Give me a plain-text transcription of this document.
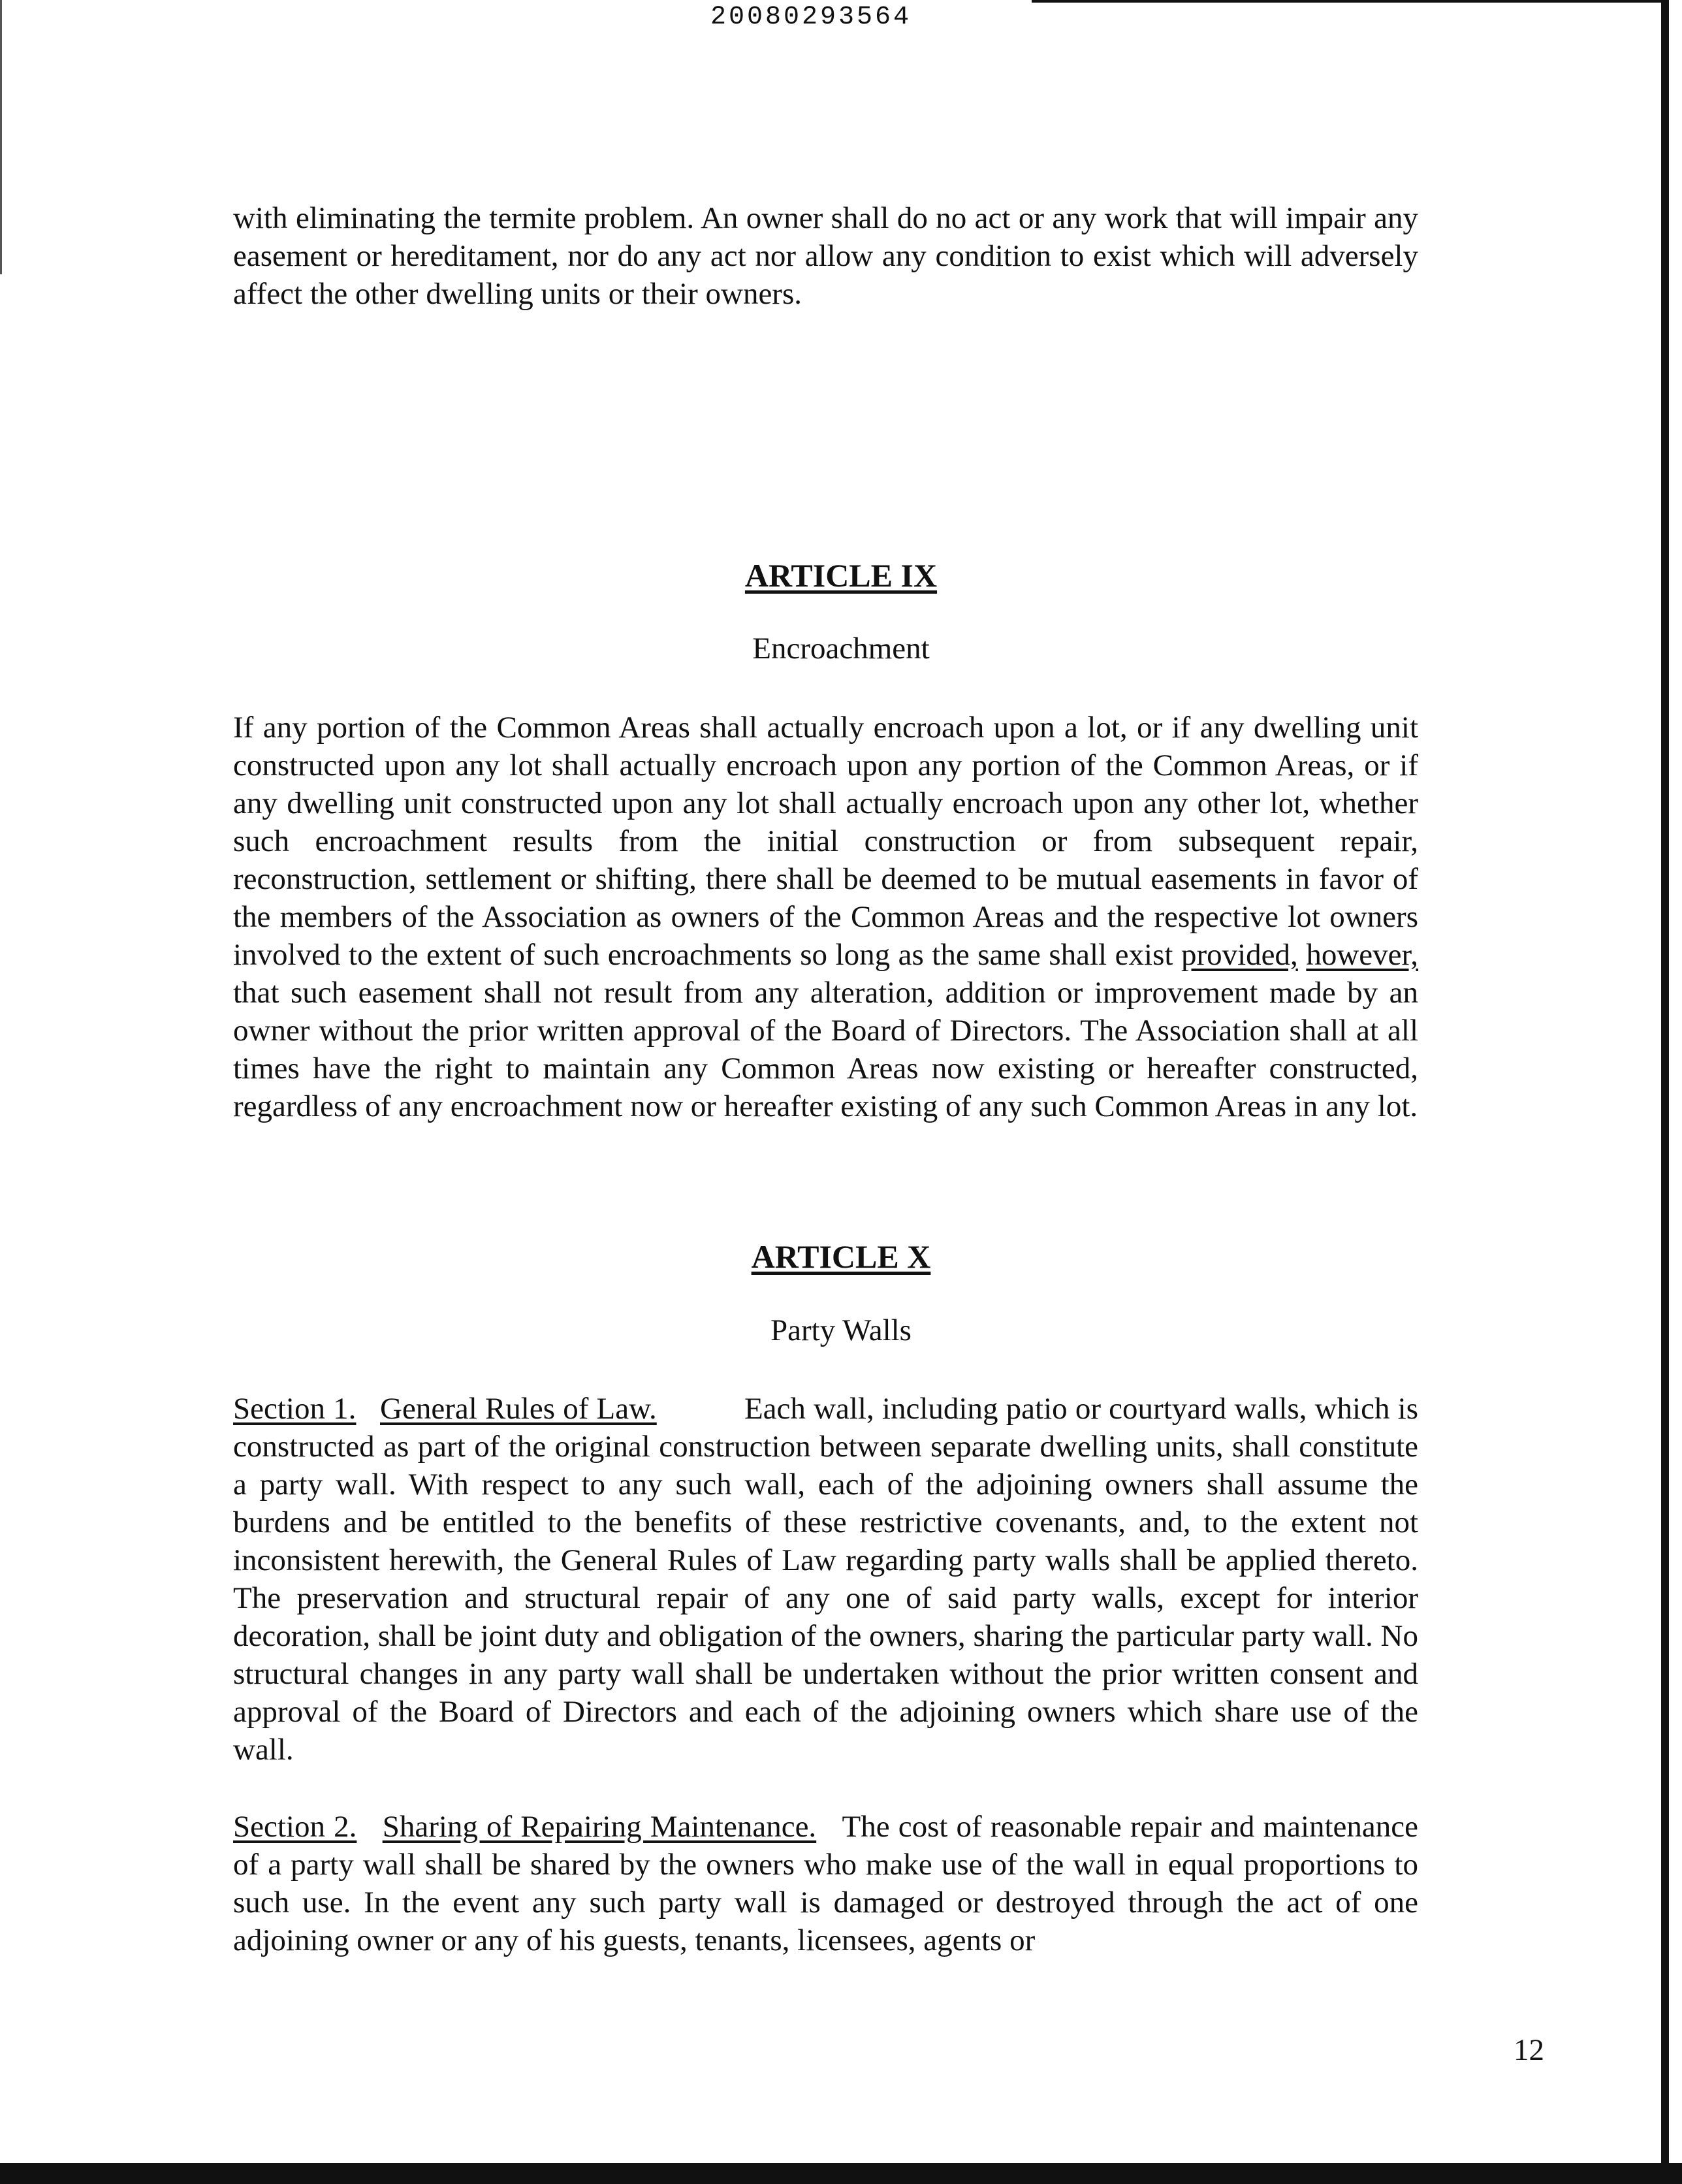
20080293564

with eliminating the termite problem. An owner shall do no act or any work that will impair any easement or hereditament, nor do any act nor allow any condition to exist which will adversely affect the other dwelling units or their owners.

ARTICLE IX

Encroachment

If any portion of the Common Areas shall actually encroach upon a lot, or if any dwelling unit constructed upon any lot shall actually encroach upon any portion of the Common Areas, or if any dwelling unit constructed upon any lot shall actually encroach upon any other lot, whether such encroachment results from the initial construction or from subsequent repair, reconstruction, settlement or shifting, there shall be deemed to be mutual easements in favor of the members of the Association as owners of the Common Areas and the respective lot owners involved to the extent of such encroachments so long as the same shall exist provided, however, that such easement shall not result from any alteration, addition or improvement made by an owner without the prior written approval of the Board of Directors. The Association shall at all times have the right to maintain any Common Areas now existing or hereafter constructed, regardless of any encroachment now or hereafter existing of any such Common Areas in any lot.

ARTICLE X

Party Walls

Section 1. General Rules of Law.	Each wall, including patio or courtyard walls, which is constructed as part of the original construction between separate dwelling units, shall constitute a party wall. With respect to any such wall, each of the adjoining owners shall assume the burdens and be entitled to the benefits of these restrictive covenants, and, to the extent not inconsistent herewith, the General Rules of Law regarding party walls shall be applied thereto. The preservation and structural repair of any one of said party walls, except for interior decoration, shall be joint duty and obligation of the owners, sharing the particular party wall. No structural changes in any party wall shall be undertaken without the prior written consent and approval of the Board of Directors and each of the adjoining owners which share use of the wall.

Section 2. Sharing of Repairing Maintenance. The cost of reasonable repair and maintenance of a party wall shall be shared by the owners who make use of the wall in equal proportions to such use. In the event any such party wall is damaged or destroyed through the act of one adjoining owner or any of his guests, tenants, licensees, agents or

12
